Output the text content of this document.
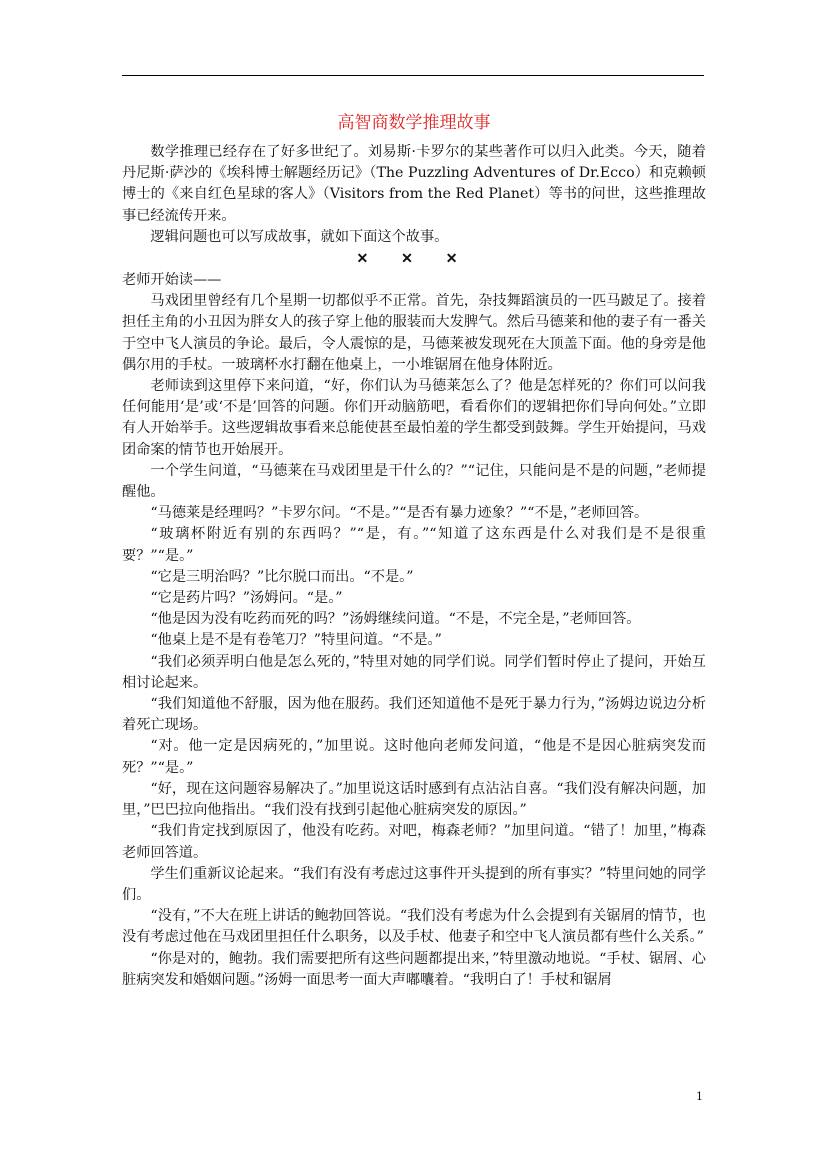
高智商数学推理故事

数学推理已经存在了好多世纪了。刘易斯·卡罗尔的某些著作可以归入此类。今天，随着丹尼斯·萨沙的《埃科博士解题经历记》（The Puzzling Adventures of Dr.Ecco）和克赖顿博士的《来自红色星球的客人》（Visitors from the Red Planet）等书的问世，这些推理故事已经流传开来。

逻辑问题也可以写成故事，就如下面这个故事。

✕ ✕ ✕

老师开始读——

马戏团里曾经有几个星期一切都似乎不正常。首先，杂技舞蹈演员的一匹马跛足了。接着担任主角的小丑因为胖女人的孩子穿上他的服装而大发脾气。然后马德莱和他的妻子有一番关于空中飞人演员的争论。最后，令人震惊的是，马德莱被发现死在大顶盖下面。他的身旁是他偶尔用的手杖。一玻璃杯水打翻在他桌上，一小堆锯屑在他身体附近。

老师读到这里停下来问道，“好，你们认为马德莱怎么了？他是怎样死的？你们可以问我任何能用‘是’或‘不是’回答的问题。你们开动脑筋吧，看看你们的逻辑把你们导向何处。”立即有人开始举手。这些逻辑故事看来总能使甚至最怕羞的学生都受到鼓舞。学生开始提问，马戏团命案的情节也开始展开。

一个学生问道，“马德莱在马戏团里是干什么的？”“记住，只能问是不是的问题，”老师提醒他。

“马德莱是经理吗？”卡罗尔问。“不是。”“是否有暴力迹象？”“不是，”老师回答。

“玻璃杯附近有别的东西吗？”“是，有。”“知道了这东西是什么对我们是不是很重要？”“是。”

“它是三明治吗？”比尔脱口而出。“不是。”

“它是药片吗？”汤姆问。“是。”

“他是因为没有吃药而死的吗？”汤姆继续问道。“不是，不完全是，”老师回答。

“他桌上是不是有卷笔刀？”特里问道。“不是。”

“我们必须弄明白他是怎么死的，”特里对她的同学们说。同学们暂时停止了提问，开始互相讨论起来。

“我们知道他不舒服，因为他在服药。我们还知道他不是死于暴力行为，”汤姆边说边分析着死亡现场。

“对。他一定是因病死的，”加里说。这时他向老师发问道，“他是不是因心脏病突发而死？”“是。”

“好，现在这问题容易解决了。”加里说这话时感到有点沾沾自喜。“我们没有解决问题，加里，”巴巴拉向他指出。“我们没有找到引起他心脏病突发的原因。”

“我们肯定找到原因了，他没有吃药。对吧，梅森老师？”加里问道。“错了！加里，”梅森老师回答道。

学生们重新议论起来。“我们有没有考虑过这事件开头提到的所有事实？”特里问她的同学们。

“没有，”不大在班上讲话的鲍勃回答说。“我们没有考虑为什么会提到有关锯屑的情节，也没有考虑过他在马戏团里担任什么职务，以及手杖、他妻子和空中飞人演员都有些什么关系。”

“你是对的，鲍勃。我们需要把所有这些问题都提出来，”特里激动地说。“手杖、锯屑、心脏病突发和婚姻问题。”汤姆一面思考一面大声嘟囔着。“我明白了！手杖和锯屑

1
